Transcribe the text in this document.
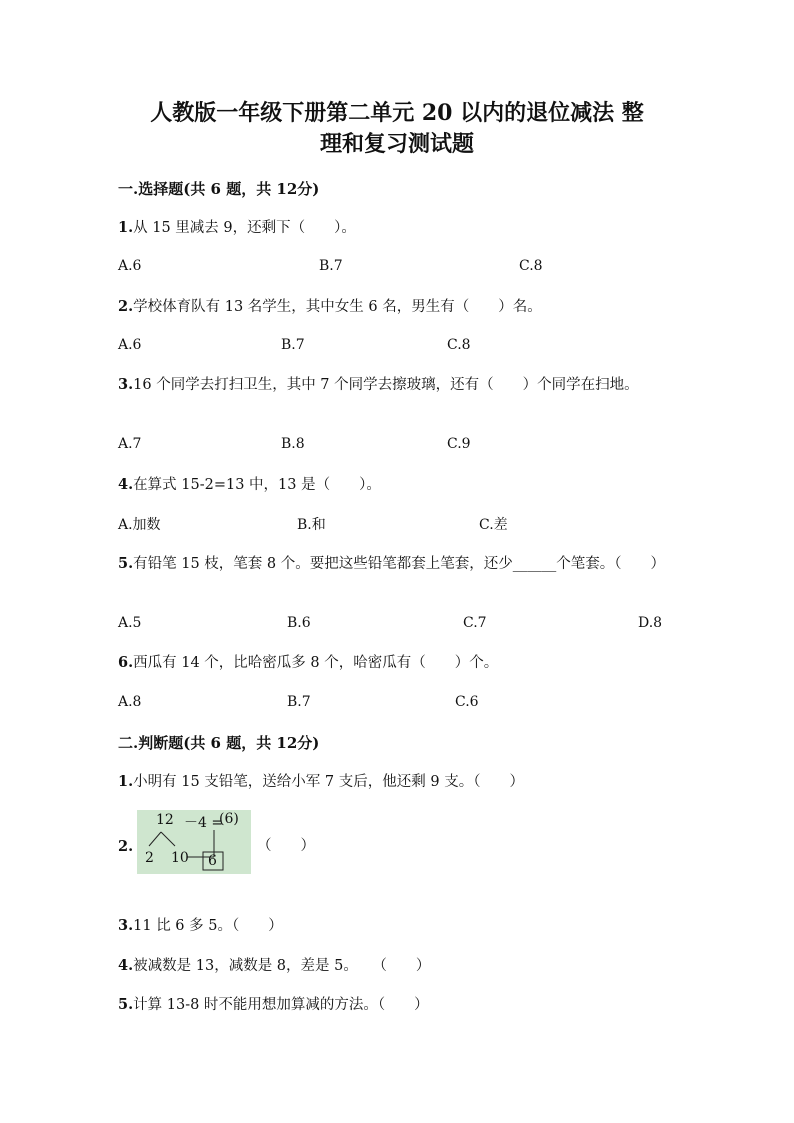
人教版一年级下册第二单元 20 以内的退位减法 整
理和复习测试题
一.选择题(共 6 题，共 12分)
1.从 15 里减去 9，还剩下（　　）。
A.6	B.7	C.8
2.学校体育队有 13 名学生，其中女生 6 名，男生有（　　）名。
A.6	B.7	C.8
3.16 个同学去打扫卫生，其中 7 个同学去擦玻璃，还有（　　）个同学在扫地。
A.7	B.8	C.9
4.在算式 15-2=13 中，13 是（　　）。
A.加数	B.和	C.差
5.有铅笔 15 枝，笔套 8 个。要把这些铅笔都套上笔套，还少______个笔套。（　　）
A.5	B.6	C.7	D.8
6.西瓜有 14 个，比哈密瓜多 8 个，哈密瓜有（　　）个。
A.8	B.7	C.6
二.判断题(共 6 题，共 12分)
1.小明有 15 支铅笔，送给小军 7 支后，他还剩 9 支。（　　）
2.
12 －4 =
(6)
2 10 6
（　　）
3.11 比 6 多 5。（　　）
4.被减数是 13，减数是 8，差是 5。　　（　　）
5.计算 13-8 时不能用想加算减的方法。（　　）
